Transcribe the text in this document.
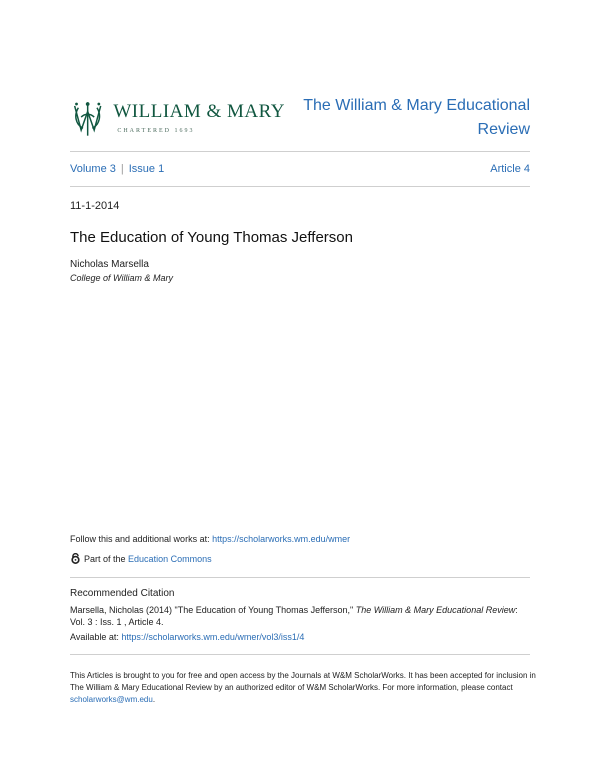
WILLIAM & MARY
CHARTERED 1693
The William & Mary Educational Review
Volume 3 | Issue 1	Article 4
11-1-2014
The Education of Young Thomas Jefferson
Nicholas Marsella
College of William & Mary
Follow this and additional works at: https://scholarworks.wm.edu/wmer
Part of the
Education Commons
Recommended Citation
Marsella, Nicholas (2014) "The Education of Young Thomas Jefferson," The William & Mary Educational Review: Vol. 3 : Iss. 1 , Article 4.
Available at: https://scholarworks.wm.edu/wmer/vol3/iss1/4
This Articles is brought to you for free and open access by the Journals at W&M ScholarWorks. It has been accepted for inclusion in The William & Mary Educational Review by an authorized editor of W&M ScholarWorks. For more information, please contact scholarworks@wm.edu.
